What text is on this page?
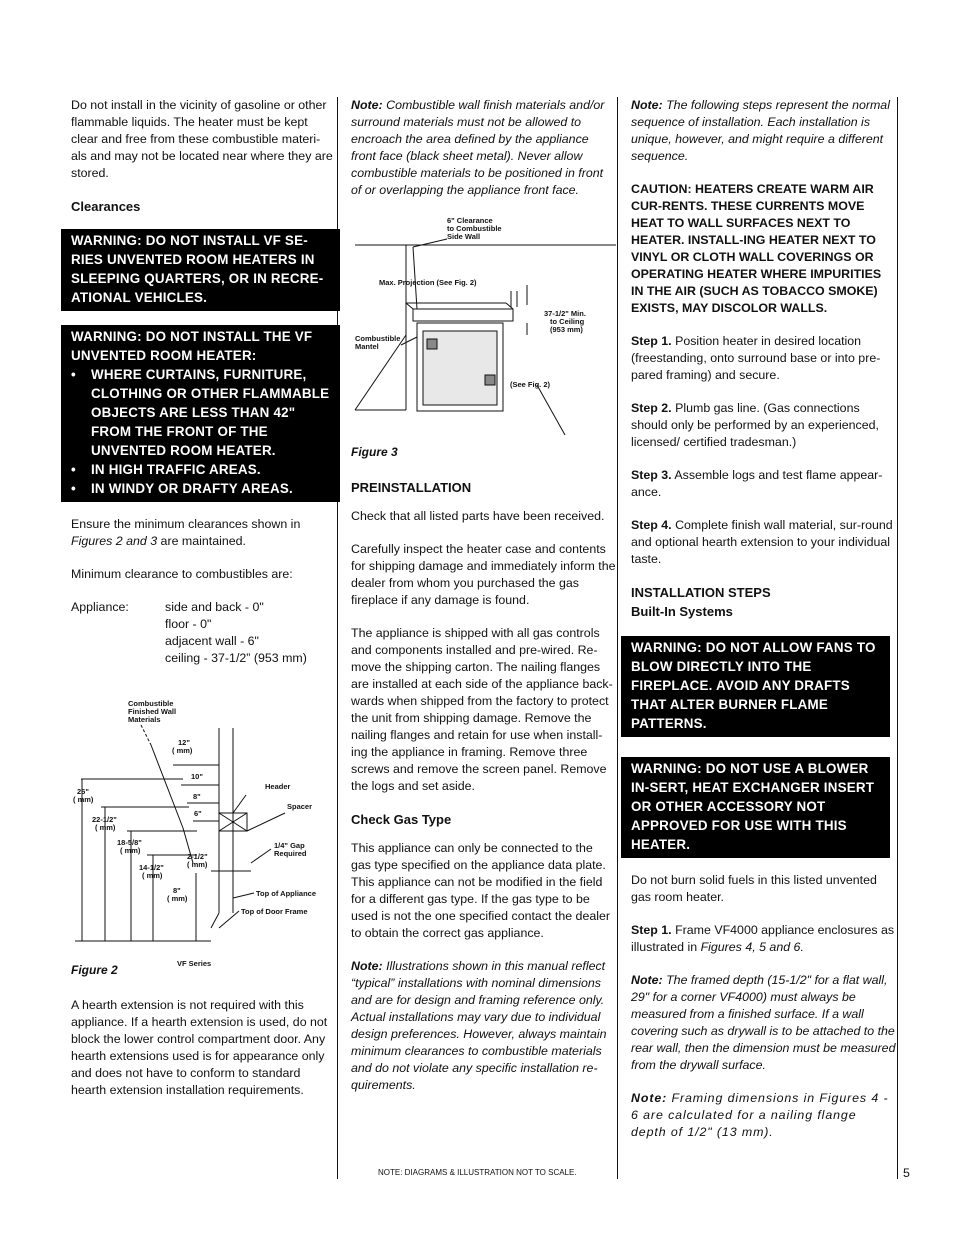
Do not install in the vicinity of gasoline or other flammable liquids. The heater must be kept clear and free from these combustible materi-als and may not be located near where they are stored.

Clearances
WARNING: DO NOT INSTALL VF SE-RIES UNVENTED ROOM HEATERS IN SLEEPING QUARTERS, OR IN RECRE-ATIONAL VEHICLES.
WARNING: DO NOT INSTALL THE VF UNVENTED ROOM HEATER:
• WHERE CURTAINS, FURNITURE, CLOTHING OR OTHER FLAMMABLE OBJECTS ARE LESS THAN 42" FROM THE FRONT OF THE UNVENTED ROOM HEATER.
• IN HIGH TRAFFIC AREAS.
• IN WINDY OR DRAFTY AREAS.

Ensure the minimum clearances shown in Figures 2 and 3 are maintained.

Minimum clearance to combustibles are:

Appliance:	side and back - 0"
floor - 0"
adjacent wall - 6"
ceiling - 37-1/2” (953 mm)
Combustible
Finished Wall
Materials
12"
( mm)
10"
8"
6"
26"
( mm)
22-1/2"
( mm)
18-5/8"
( mm)
14-1/2"
( mm)
2-1/2"
( mm)
8"
( mm)
Header
Spacer
1/4" Gap
Required
Top of Appliance
Top of Door Frame
VF Series
Figure 2

A hearth extension is not required with this appliance. If a hearth extension is used, do not block the lower control compartment door. Any hearth extensions used is for appearance only and does not have to conform to standard hearth extension installation requirements.

Note: Combustible wall finish materials and/or surround materials must not be allowed to encroach the area defined by the appliance front face (black sheet metal). Never allow combustible materials to be positioned in front of or overlapping the appliance front face.

6" Clearance
to Combustible
Side Wall
Max. Projection (See Fig. 2)
37-1/2" Min.
to Ceiling
(953 mm)
Combustible
Mantel
(See Fig. 2)
Figure 3
PREINSTALLATION

Check that all listed parts have been received.

Carefully inspect the heater case and contents for shipping damage and immediately inform the dealer from whom you purchased the gas fireplace if any damage is found.

The appliance is shipped with all gas controls and components installed and pre-wired. Re-move the shipping carton. The nailing flanges are installed at each side of the appliance back-wards when shipped from the factory to protect the unit from shipping damage. Remove the nailing flanges and retain for use when install-ing the appliance in framing. Remove three screws and remove the screen panel. Remove the logs and set aside.

Check Gas Type

This appliance can only be connected to the gas type specified on the appliance data plate. This appliance can not be modified in the field for a different gas type. If the gas type to be used is not the one specified contact the dealer to obtain the correct gas appliance.

Note: Illustrations shown in this manual reflect “typical” installations with nominal dimensions and are for design and framing reference only. Actual installations may vary due to individual design preferences. However, always maintain minimum clearances to combustible materials and do not violate any specific installation re-quirements.

Note: The following steps represent the normal sequence of installation. Each installation is unique, however, and might require a different sequence.

CAUTION: HEATERS CREATE WARM AIR CUR-RENTS. THESE CURRENTS MOVE HEAT TO WALL SURFACES NEXT TO HEATER. INSTALL-ING HEATER NEXT TO VINYL OR CLOTH WALL COVERINGS OR OPERATING HEATER WHERE IMPURITIES IN THE AIR (SUCH AS TOBACCO SMOKE) EXISTS, MAY DISCOLOR WALLS.

Step 1. Position heater in desired location (freestanding, onto surround base or into pre-pared framing) and secure.

Step 2. Plumb gas line. (Gas connections should only be performed by an experienced, licensed/ certified tradesman.)

Step 3. Assemble logs and test flame appear-ance.

Step 4. Complete finish wall material, sur-round and optional hearth extension to your individual taste.

INSTALLATION STEPS
Built-In Systems
WARNING: DO NOT ALLOW FANS TO BLOW DIRECTLY INTO THE FIREPLACE. AVOID ANY DRAFTS THAT ALTER BURNER FLAME PATTERNS.
WARNING: DO NOT USE A BLOWER IN-SERT, HEAT EXCHANGER INSERT OR OTHER ACCESSORY NOT APPROVED FOR USE WITH THIS HEATER.

Do not burn solid fuels in this listed unvented gas room heater.

Step 1. Frame VF4000 appliance enclosures as illustrated in Figures 4, 5 and 6.

Note: The framed depth (15-1/2" for a flat wall, 29" for a corner VF4000) must always be measured from a finished surface. If a wall covering such as drywall is to be attached to the rear wall, then the dimension must be measured from the drywall surface.

Note: Framing dimensions in Figures 4 - 6 are calculated for a nailing flange depth of 1/2" (13 mm).

NOTE: DIAGRAMS & ILLUSTRATION NOT TO SCALE.	5
